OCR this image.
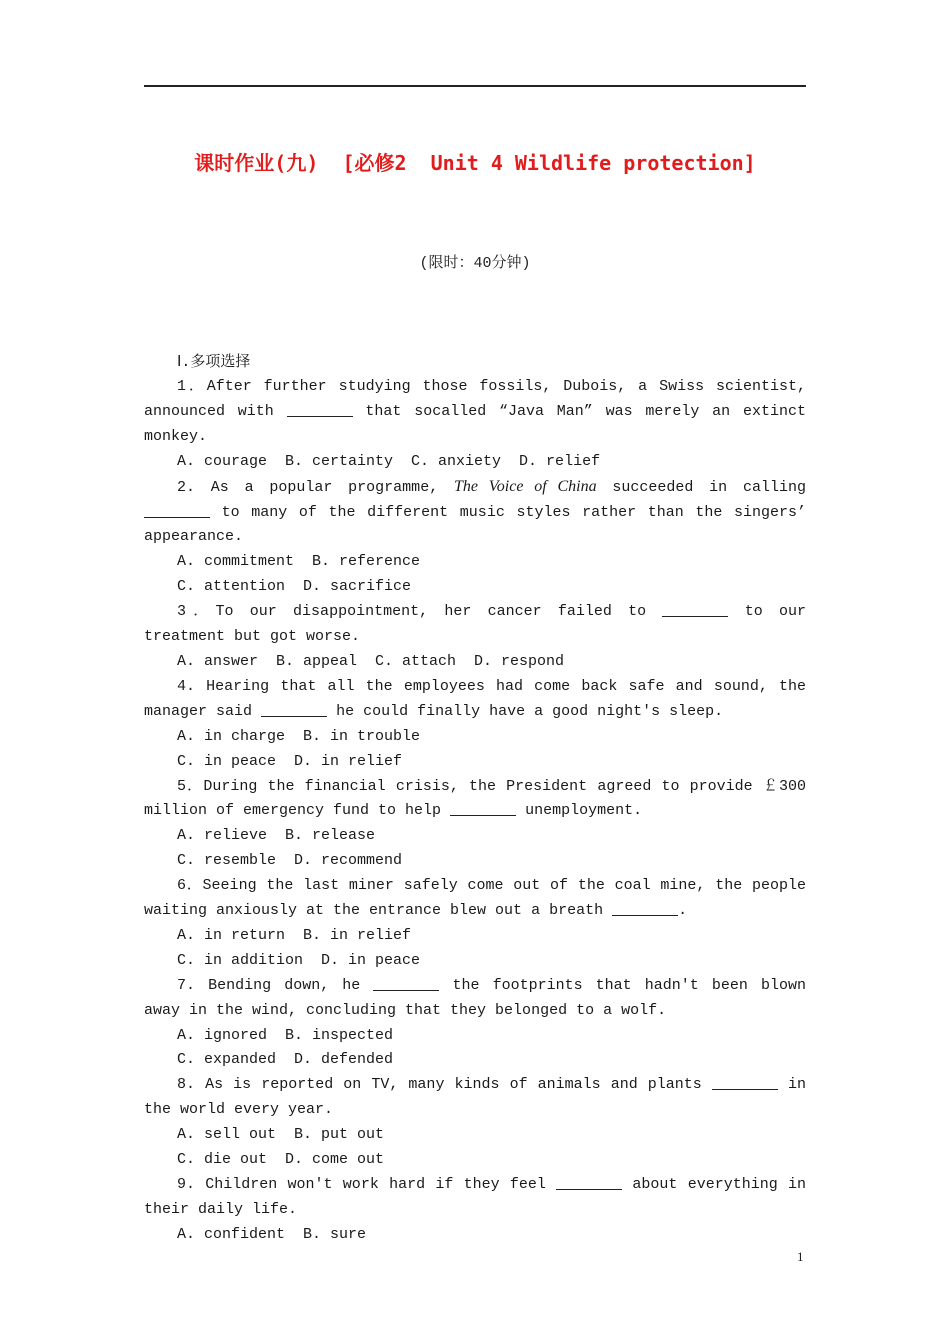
课时作业(九)  [必修2  Unit 4 Wildlife protection]
(限时：40分钟)
Ⅰ.多项选择
1．After further studying those fossils, Dubois, a Swiss scientist, announced with	that socalled “Java Man” was merely an extinct monkey.
A. courage  B. certainty  C. anxiety  D. relief
2. As a popular programme, The Voice of China succeeded in calling  to many of the different music styles rather than the singers’ appearance.
A. commitment  B. reference
C. attention  D. sacrifice
3．To our disappointment, her cancer failed to	to our treatment but got worse.
A. answer  B. appeal  C. attach  D. respond
4. Hearing that all the employees had come back safe and sound, the manager said	he could finally have a good night's sleep.
A. in charge  B. in trouble
C. in peace  D. in relief
5．During the financial crisis, the President agreed to provide ￡300 million of emergency fund to help	unemployment.
A. relieve  B. release
C. resemble  D. recommend
6．Seeing the last miner safely come out of the coal mine, the people waiting anxiously at the entrance blew out a breath	.
A. in return  B. in relief
C. in addition  D. in peace
7. Bending down, he	the footprints that hadn't been blown away in the wind, concluding that they belonged to a wolf.
A. ignored  B. inspected
C. expanded  D. defended
8. As is reported on TV, many kinds of animals and plants	in the world every year.
A. sell out  B. put out
C. die out  D. come out
9. Children won't work hard if they feel	about everything in their daily life.
A. confident  B. sure
1
